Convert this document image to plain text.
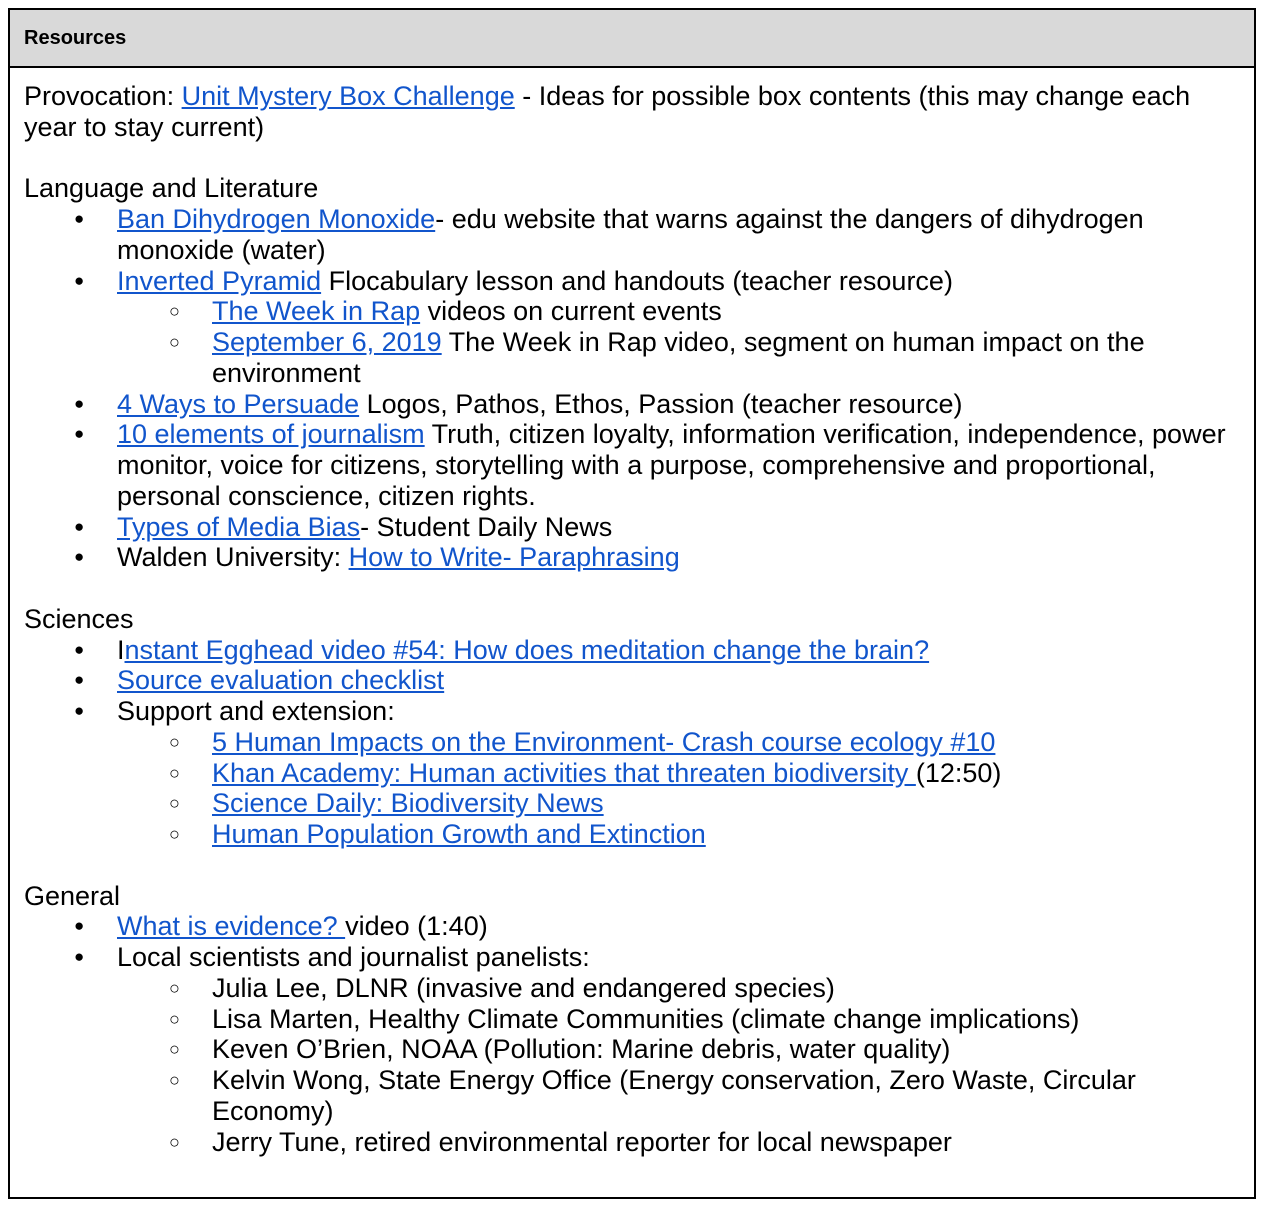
Resources
Provocation: Unit Mystery Box Challenge - Ideas for possible box contents (this may change each year to stay current)
Language and Literature
● Ban Dihydrogen Monoxide- edu website that warns against the dangers of dihydrogen monoxide (water)
● Inverted Pyramid Flocabulary lesson and handouts (teacher resource)
○ The Week in Rap videos on current events
○ September 6, 2019 The Week in Rap video, segment on human impact on the environment
● 4 Ways to Persuade Logos, Pathos, Ethos, Passion (teacher resource)
● 10 elements of journalism Truth, citizen loyalty, information verification, independence, power monitor, voice for citizens, storytelling with a purpose, comprehensive and proportional, personal conscience, citizen rights.
● Types of Media Bias- Student Daily News
● Walden University: How to Write- Paraphrasing
Sciences
● Instant Egghead video #54: How does meditation change the brain?
● Source evaluation checklist
● Support and extension:
○ 5 Human Impacts on the Environment- Crash course ecology #10
○ Khan Academy: Human activities that threaten biodiversity (12:50)
○ Science Daily: Biodiversity News
○ Human Population Growth and Extinction
General
● What is evidence? video (1:40)
● Local scientists and journalist panelists:
○ Julia Lee, DLNR (invasive and endangered species)
○ Lisa Marten, Healthy Climate Communities (climate change implications)
○ Keven O’Brien, NOAA (Pollution: Marine debris, water quality)
○ Kelvin Wong, State Energy Office (Energy conservation, Zero Waste, Circular Economy)
○ Jerry Tune, retired environmental reporter for local newspaper
